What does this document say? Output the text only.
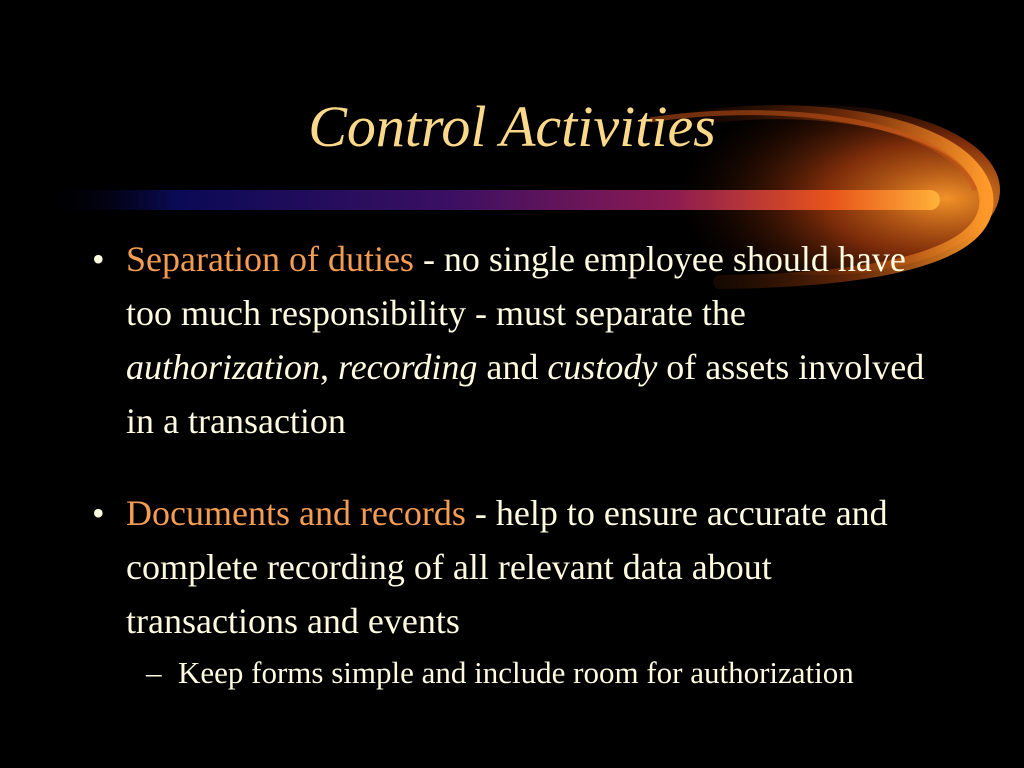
Control Activities
• Separation of duties - no single employee should have too much responsibility - must separate the authorization, recording and custody of assets involved in a transaction
• Documents and records - help to ensure accurate and complete recording of all relevant data about transactions and events
– Keep forms simple and include room for authorization
